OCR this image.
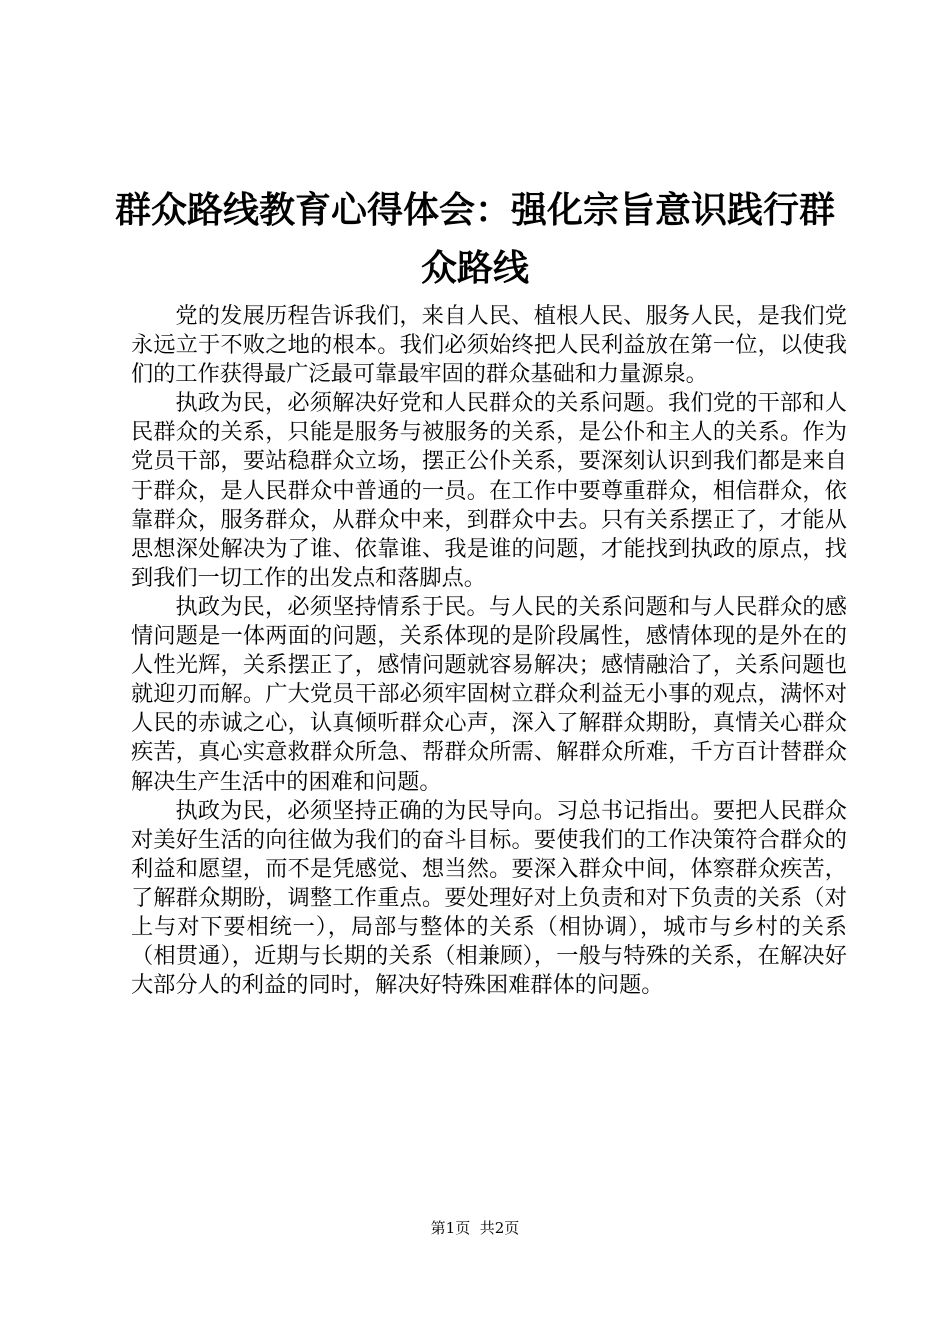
群众路线教育心得体会：强化宗旨意识践行群众路线

党的发展历程告诉我们，来自人民、植根人民、服务人民，是我们党永远立于不败之地的根本。我们必须始终把人民利益放在第一位，以使我们的工作获得最广泛最可靠最牢固的群众基础和力量源泉。

执政为民，必须解决好党和人民群众的关系问题。我们党的干部和人民群众的关系，只能是服务与被服务的关系，是公仆和主人的关系。作为党员干部，要站稳群众立场，摆正公仆关系，要深刻认识到我们都是来自于群众，是人民群众中普通的一员。在工作中要尊重群众，相信群众，依靠群众，服务群众，从群众中来，到群众中去。只有关系摆正了，才能从思想深处解决为了谁、依靠谁、我是谁的问题，才能找到执政的原点，找到我们一切工作的出发点和落脚点。

执政为民，必须坚持情系于民。与人民的关系问题和与人民群众的感情问题是一体两面的问题，关系体现的是阶段属性，感情体现的是外在的人性光辉，关系摆正了，感情问题就容易解决；感情融洽了，关系问题也就迎刃而解。广大党员干部必须牢固树立群众利益无小事的观点，满怀对人民的赤诚之心，认真倾听群众心声，深入了解群众期盼，真情关心群众疾苦，真心实意救群众所急、帮群众所需、解群众所难，千方百计替群众解决生产生活中的困难和问题。

执政为民，必须坚持正确的为民导向。习总书记指出。要把人民群众对美好生活的向往做为我们的奋斗目标。要使我们的工作决策符合群众的利益和愿望，而不是凭感觉、想当然。要深入群众中间，体察群众疾苦，了解群众期盼，调整工作重点。要处理好对上负责和对下负责的关系（对上与对下要相统一），局部与整体的关系（相协调），城市与乡村的关系（相贯通），近期与长期的关系（相兼顾），一般与特殊的关系，在解决好大部分人的利益的同时，解决好特殊困难群体的问题。

第1页 共2页
